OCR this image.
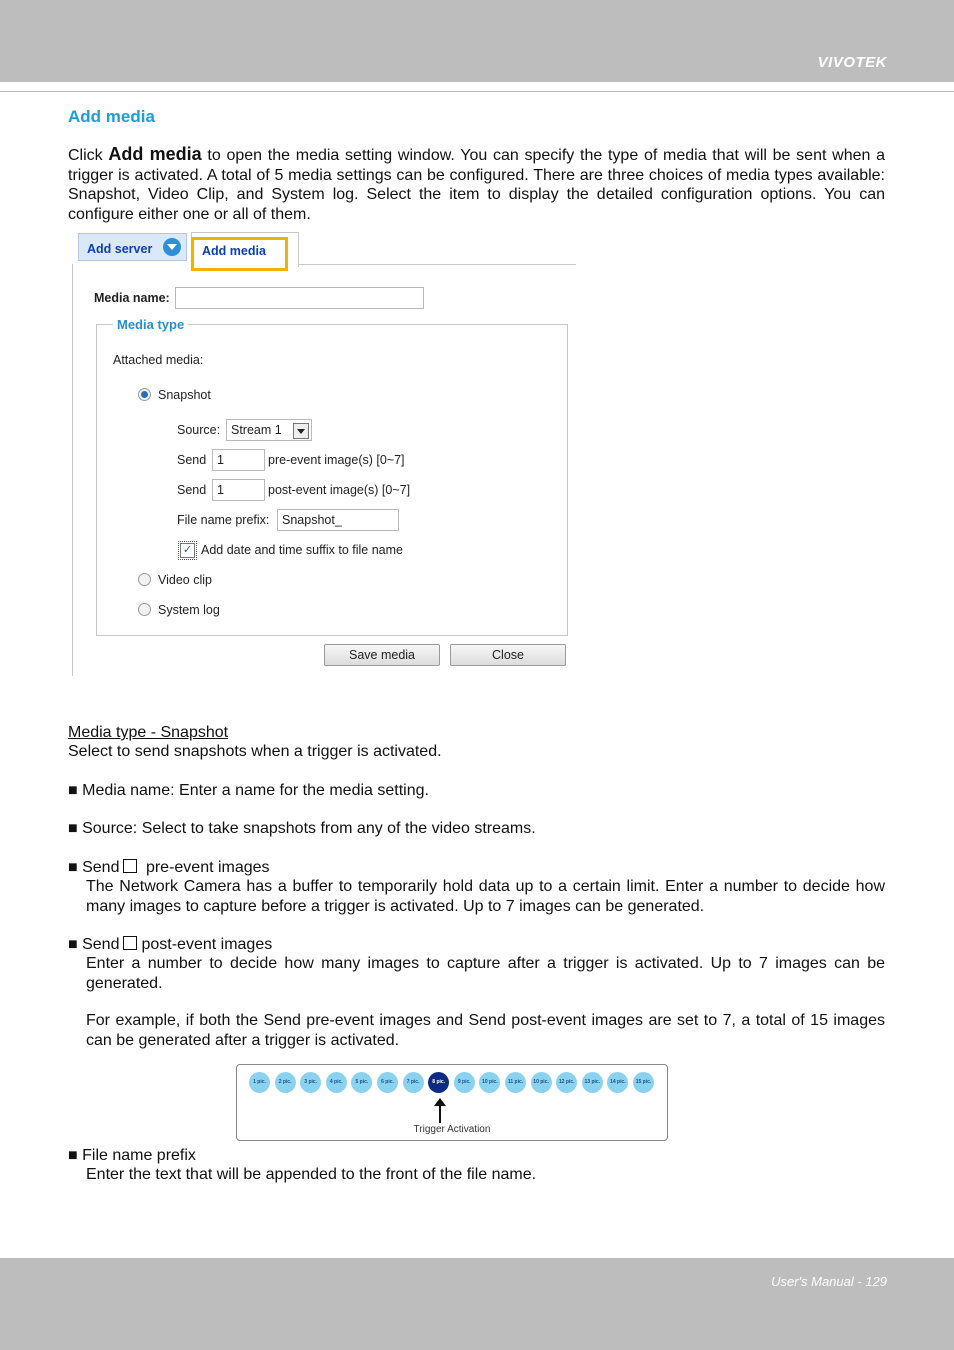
VIVOTEK
Add media
Click Add media to open the media setting window. You can specify the type of media that will be sent when a trigger is activated. A total of 5 media settings can be configured. There are three choices of media types available: Snapshot, Video Clip, and System log. Select the item to display the detailed configuration options. You can configure either one or all of them.
Add server	Add media
Media name:
Media type
Attached media:
Snapshot
Source: Stream 1
Send 1	pre-event image(s) [0~7]
Send 1	post-event image(s) [0~7]
File name prefix:	Snapshot_
✓ Add date and time suffix to file name
Video clip
System log
Save media	Close
Media type - Snapshot
Select to send snapshots when a trigger is activated.
■ Media name: Enter a name for the media setting.
■ Source: Select to take snapshots from any of the video streams.
■ Send pre-event images
The Network Camera has a buffer to temporarily hold data up to a certain limit. Enter a number to decide how many images to capture before a trigger is activated. Up to 7 images can be generated.
■ Send post-event images
Enter a number to decide how many images to capture after a trigger is activated. Up to 7 images can be generated.
For example, if both the Send pre-event images and Send post-event images are set to 7, a total of 15 images can be generated after a trigger is activated.
Trigger Activation
1 pic.	2 pic.	3 pic.	4 pic.	5 pic.	6 pic.	7 pic.	8 pic.	9 pic.	10 pic.	11 pic.	10 pic.	12 pic.	13 pic.	14 pic.	15 pic.
■ File name prefix
Enter the text that will be appended to the front of the file name.
User's Manual - 129
